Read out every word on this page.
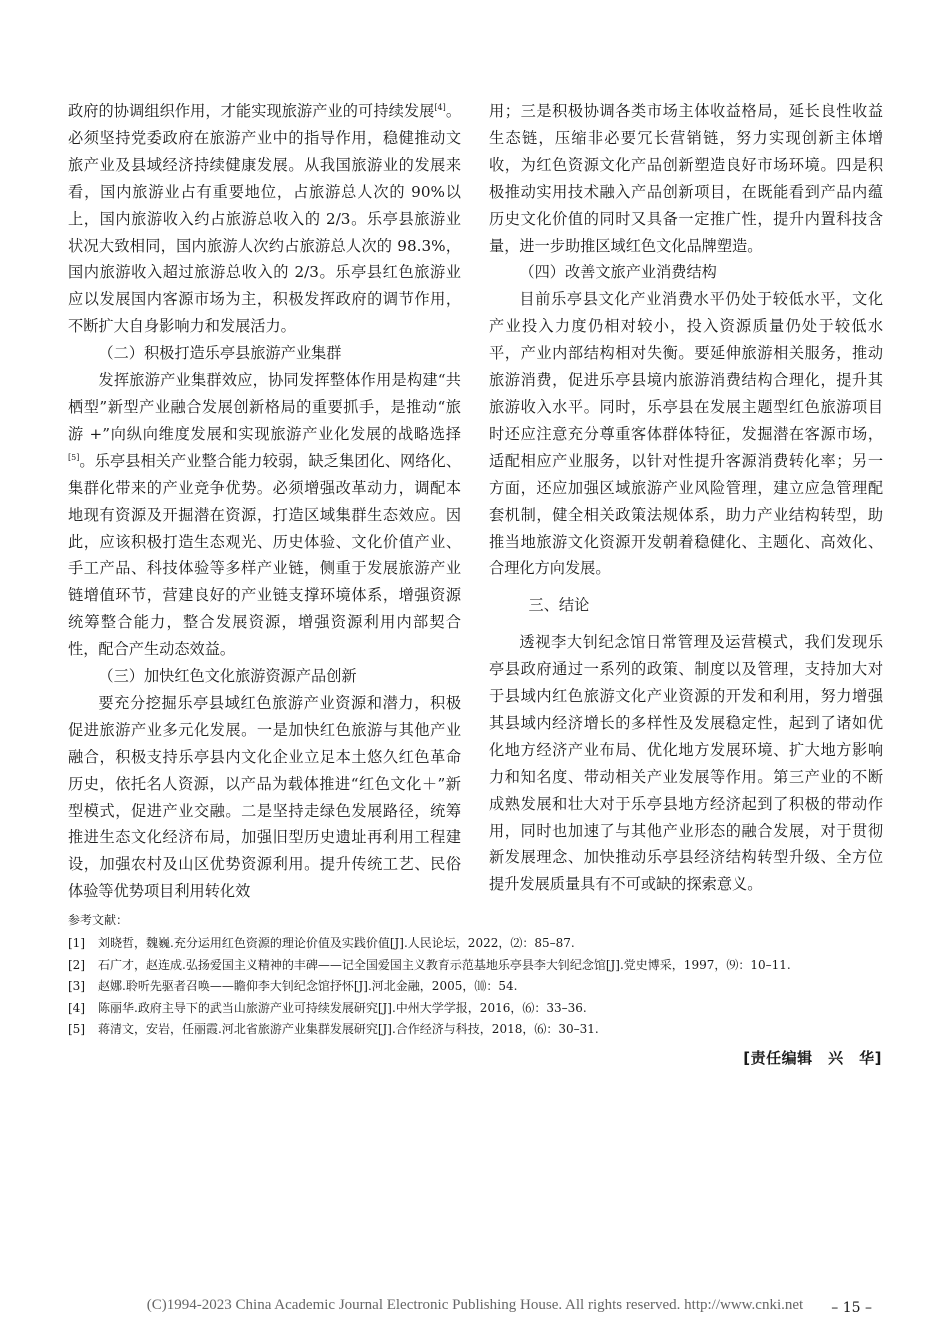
政府的协调组织作用，才能实现旅游产业的可持续发展[4]。必须坚持党委政府在旅游产业中的指导作用，稳健推动文旅产业及县域经济持续健康发展。从我国旅游业的发展来看，国内旅游业占有重要地位，占旅游总人次的 90%以上，国内旅游收入约占旅游总收入的 2/3。乐亭县旅游业状况大致相同，国内旅游人次约占旅游总人次的 98.3%，国内旅游收入超过旅游总收入的 2/3。乐亭县红色旅游业应以发展国内客源市场为主，积极发挥政府的调节作用，不断扩大自身影响力和发展活力。

（二）积极打造乐亭县旅游产业集群

发挥旅游产业集群效应，协同发挥整体作用是构建“共栖型”新型产业融合发展创新格局的重要抓手，是推动“旅游 +”向纵向维度发展和实现旅游产业化发展的战略选择[5]。乐亭县相关产业整合能力较弱，缺乏集团化、网络化、集群化带来的产业竞争优势。必须增强改革动力，调配本地现有资源及开掘潜在资源，打造区域集群生态效应。因此，应该积极打造生态观光、历史体验、文化价值产业、手工产品、科技体验等多样产业链，侧重于发展旅游产业链增值环节，营建良好的产业链支撑环境体系，增强资源统筹整合能力，整合发展资源，增强资源利用内部契合性，配合产生动态效益。

（三）加快红色文化旅游资源产品创新

要充分挖掘乐亭县域红色旅游产业资源和潜力，积极促进旅游产业多元化发展。一是加快红色旅游与其他产业融合，积极支持乐亭县内文化企业立足本土悠久红色革命历史，依托名人资源，以产品为载体推进“红色文化＋”新型模式，促进产业交融。二是坚持走绿色发展路径，统筹推进生态文化经济布局，加强旧型历史遗址再利用工程建设，加强农村及山区优势资源利用。提升传统工艺、民俗体验等优势项目利用转化效

用；三是积极协调各类市场主体收益格局，延长良性收益生态链，压缩非必要冗长营销链，努力实现创新主体增收，为红色资源文化产品创新塑造良好市场环境。四是积极推动实用技术融入产品创新项目，在既能看到产品内蕴历史文化价值的同时又具备一定推广性，提升内置科技含量，进一步助推区域红色文化品牌塑造。

（四）改善文旅产业消费结构

目前乐亭县文化产业消费水平仍处于较低水平，文化产业投入力度仍相对较小，投入资源质量仍处于较低水平，产业内部结构相对失衡。要延伸旅游相关服务，推动旅游消费，促进乐亭县境内旅游消费结构合理化，提升其旅游收入水平。同时，乐亭县在发展主题型红色旅游项目时还应注意充分尊重客体群体特征，发掘潜在客源市场，适配相应产业服务，以针对性提升客源消费转化率；另一方面，还应加强区域旅游产业风险管理，建立应急管理配套机制，健全相关政策法规体系，助力产业结构转型，助推当地旅游文化资源开发朝着稳健化、主题化、高效化、合理化方向发展。

三、结论

透视李大钊纪念馆日常管理及运营模式，我们发现乐亭县政府通过一系列的政策、制度以及管理，支持加大对于县域内红色旅游文化产业资源的开发和利用，努力增强其县域内经济增长的多样性及发展稳定性，起到了诸如优化地方经济产业布局、优化地方发展环境、扩大地方影响力和知名度、带动相关产业发展等作用。第三产业的不断成熟发展和壮大对于乐亭县地方经济起到了积极的带动作用，同时也加速了与其他产业形态的融合发展，对于贯彻新发展理念、加快推动乐亭县经济结构转型升级、全方位提升发展质量具有不可或缺的探索意义。

参考文献：
[1]	刘晓哲，魏巍.充分运用红色资源的理论价值及实践价值[J].人民论坛，2022，⑵：85–87.
[2]	石广才，赵连成.弘扬爱国主义精神的丰碑——记全国爱国主义教育示范基地乐亭县李大钊纪念馆[J].党史博采，1997，⑼：10–11.
[3]	赵娜.聆听先驱者召唤——瞻仰李大钊纪念馆抒怀[J].河北金融，2005，⑽：54.
[4]	陈丽华.政府主导下的武当山旅游产业可持续发展研究[J].中州大学学报，2016，⑹：33–36.
[5]	蒋清文，安岩，任丽霞.河北省旅游产业集群发展研究[J].合作经济与科技，2018，⑹：30–31.
[责任编辑　兴　华]
– 15 –
(C)1994-2023 China Academic Journal Electronic Publishing House. All rights reserved. http://www.cnki.net
